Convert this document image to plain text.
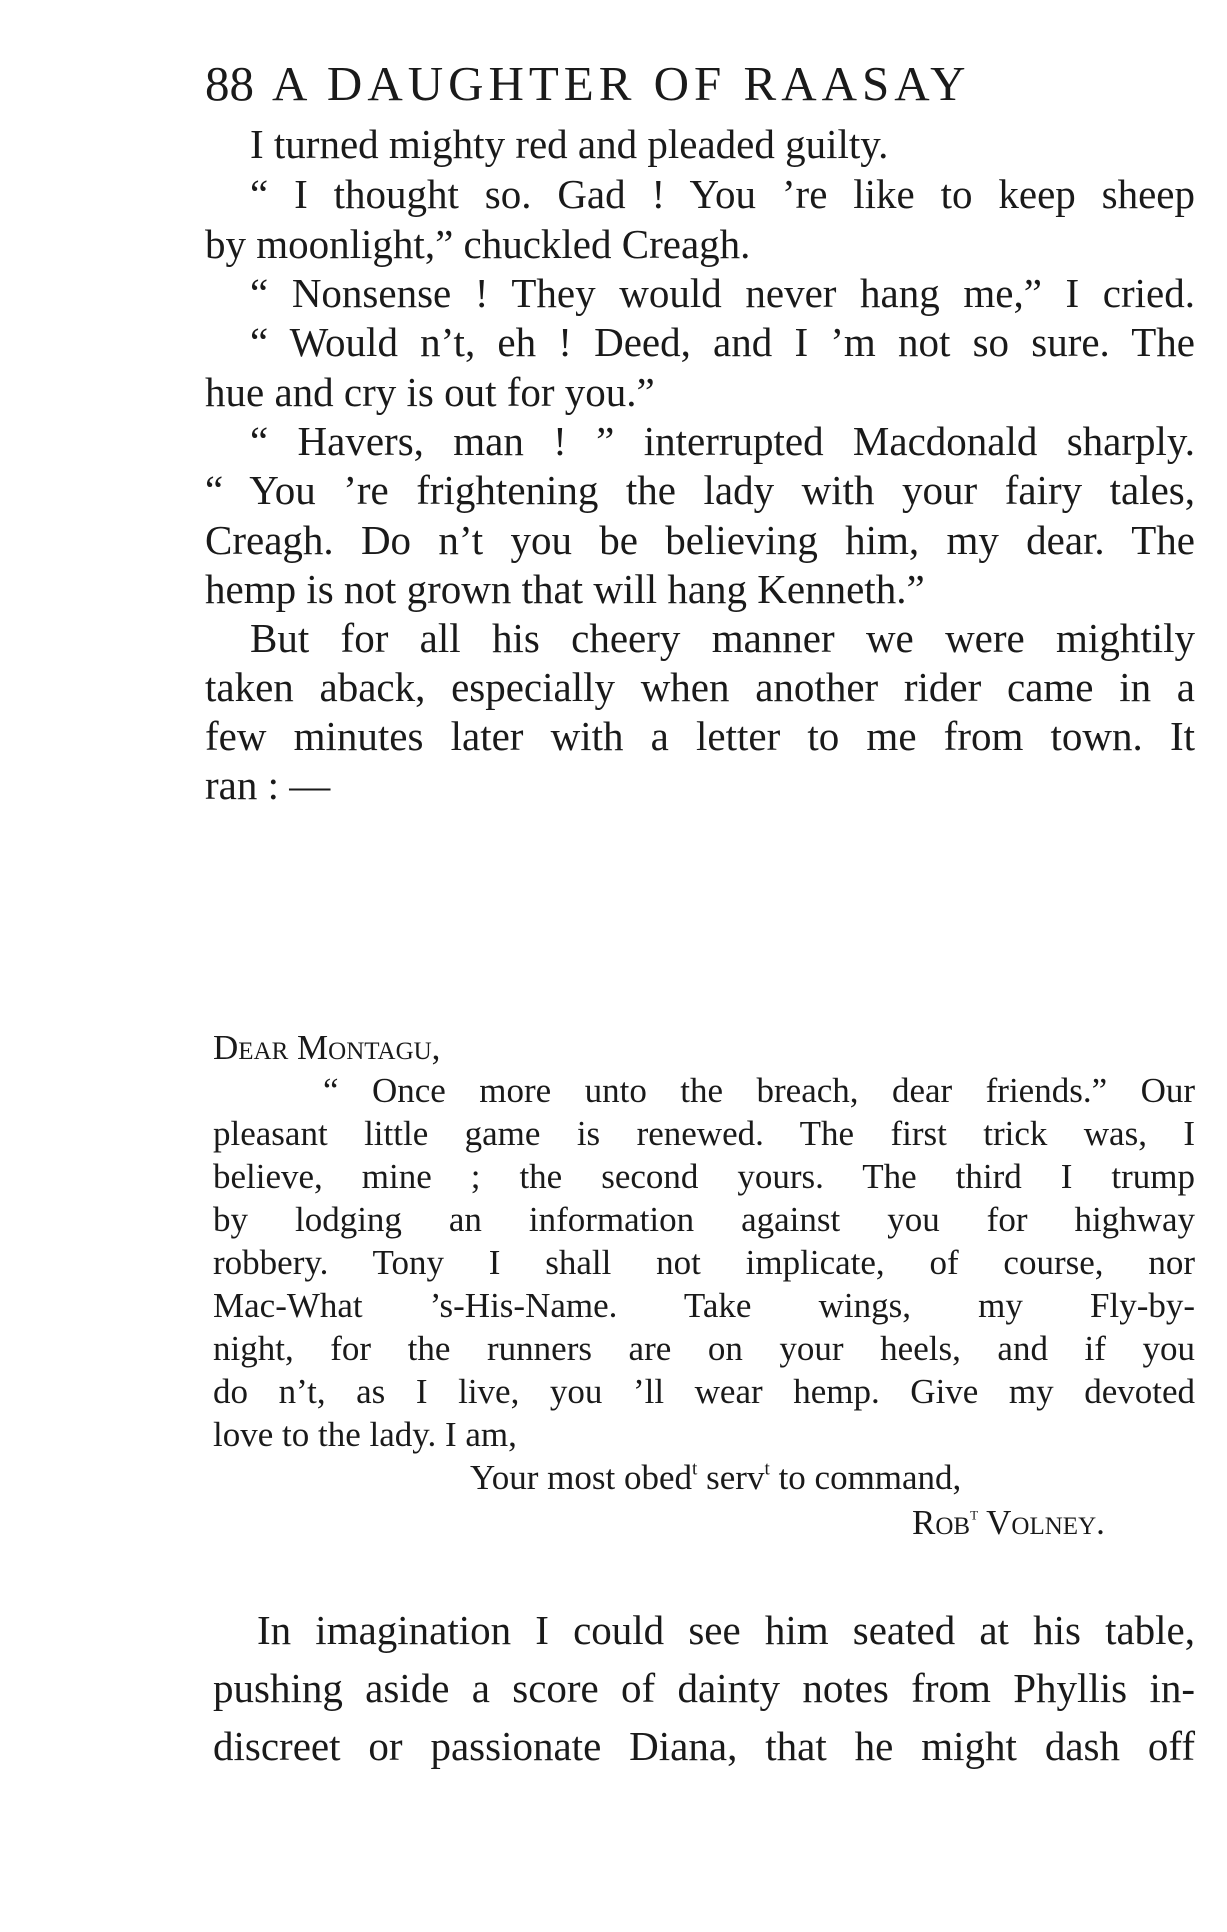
88 A DAUGHTER OF RAASAY
I turned mighty red and pleaded guilty.
“ I thought so. Gad ! You ’re like to keep sheep
by moonlight,” chuckled Creagh.
“ Nonsense ! They would never hang me,” I cried.
“ Would n’t, eh ! Deed, and I ’m not so sure. The
hue and cry is out for you.”
“ Havers, man ! ” interrupted Macdonald sharply.
“ You ’re frightening the lady with your fairy tales,
Creagh. Do n’t you be believing him, my dear. The
hemp is not grown that will hang Kenneth.”
But for all his cheery manner we were mightily
taken aback, especially when another rider came in a
few minutes later with a letter to me from town. It
ran : —
Dear Montagu,
“ Once more unto the breach, dear friends.” Our
pleasant little game is renewed. The first trick was, I
believe, mine ; the second yours. The third I trump
by lodging an information against you for highway
robbery. Tony I shall not implicate, of course, nor
Mac-What ’s-His-Name. Take wings, my Fly-by-
night, for the runners are on your heels, and if you
do n’t, as I live, you ’ll wear hemp. Give my devoted
love to the lady. I am,
Your most obed$^t$ serv$^t$ to command,
Rob$^t$ Volney.
In imagination I could see him seated at his table,
pushing aside a score of dainty notes from Phyllis in-
discreet or passionate Diana, that he might dash off
